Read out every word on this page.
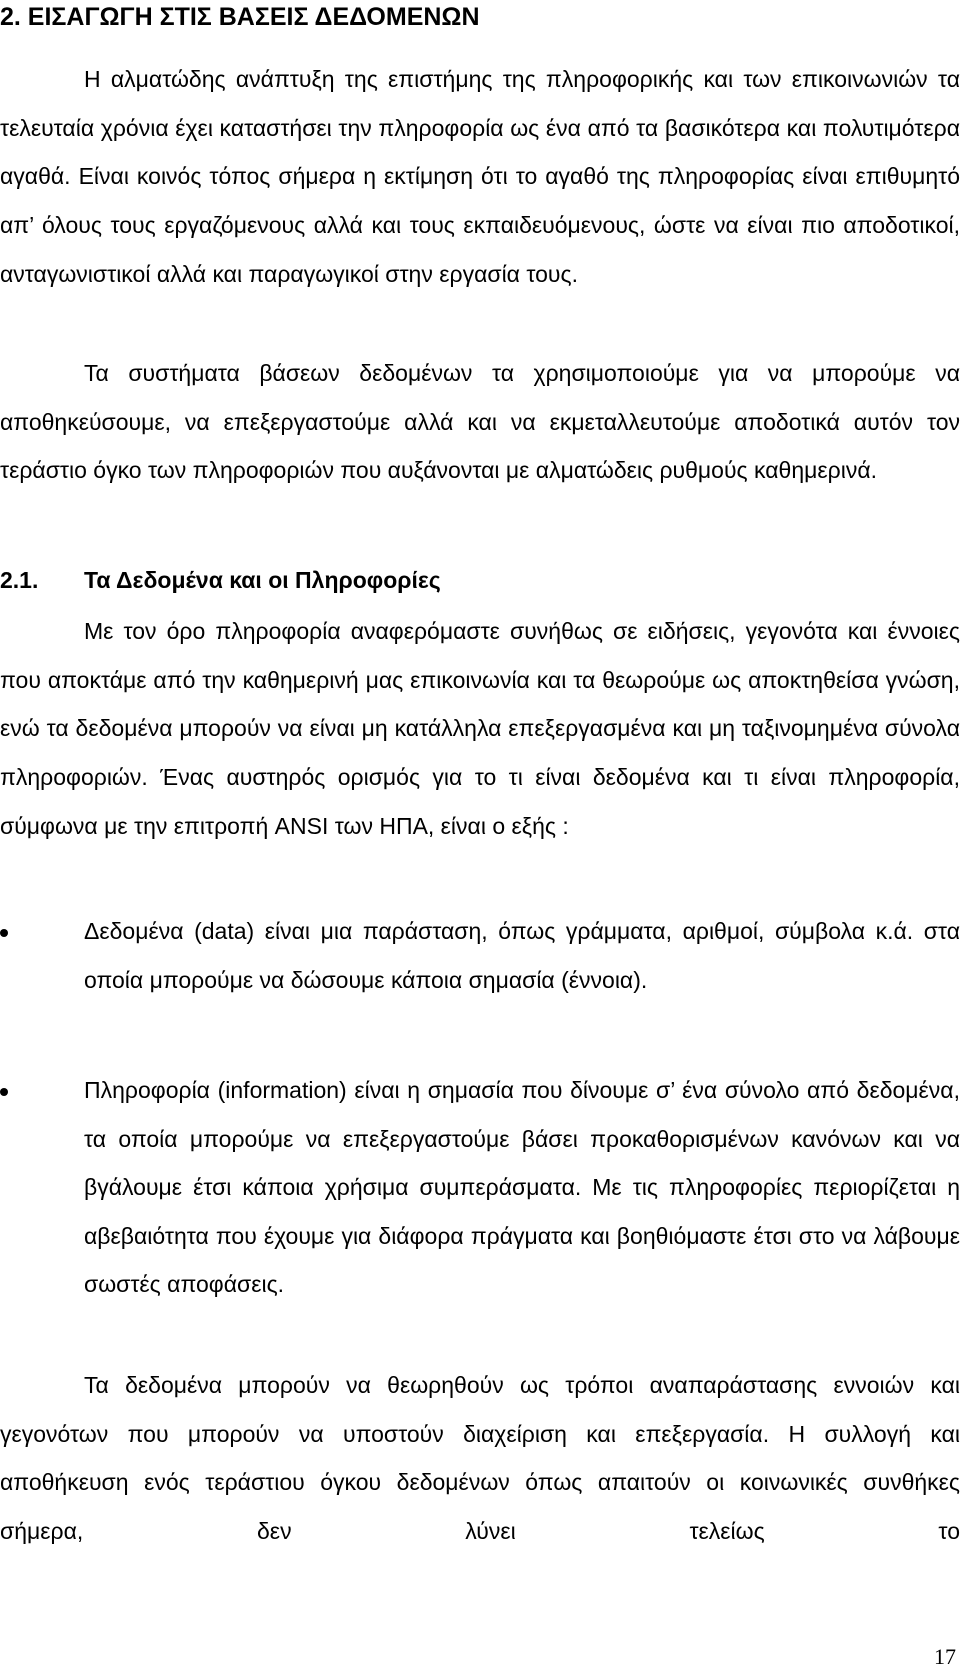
2. ΕΙΣΑΓΩΓΗ ΣΤΙΣ ΒΑΣΕΙΣ ΔΕΔΟΜΕΝΩΝ

Η αλματώδης ανάπτυξη της επιστήμης της πληροφορικής και των επικοινωνιών τα τελευταία χρόνια έχει καταστήσει την πληροφορία ως ένα από τα βασικότερα και πολυτιμότερα αγαθά. Είναι κοινός τόπος σήμερα η εκτίμηση ότι το αγαθό της πληροφορίας είναι επιθυμητό απ’ όλους τους εργαζόμενους αλλά και τους εκπαιδευόμενους, ώστε να είναι πιο αποδοτικοί, ανταγωνιστικοί αλλά και παραγωγικοί στην εργασία τους.

Τα συστήματα βάσεων δεδομένων τα χρησιμοποιούμε για να μπορούμε να αποθηκεύσουμε, να επεξεργαστούμε αλλά και να εκμεταλλευτούμε αποδοτικά αυτόν τον τεράστιο όγκο των πληροφοριών που αυξάνονται με αλματώδεις ρυθμούς καθημερινά.

2.1. Τα Δεδομένα και οι Πληροφορίες

Με τον όρο πληροφορία αναφερόμαστε συνήθως σε ειδήσεις, γεγονότα και έννοιες που αποκτάμε από την καθημερινή μας επικοινωνία και τα θεωρούμε ως αποκτηθείσα γνώση, ενώ τα δεδομένα μπορούν να είναι μη κατάλληλα επεξεργασμένα και μη ταξινομημένα σύνολα πληροφοριών. Ένας αυστηρός ορισμός για το τι είναι δεδομένα και τι είναι πληροφορία, σύμφωνα με την επιτροπή ANSI των ΗΠΑ, είναι ο εξής :

Δεδομένα (data) είναι μια παράσταση, όπως γράμματα, αριθμοί, σύμβολα κ.ά. στα οποία μπορούμε να δώσουμε κάποια σημασία (έννοια).

Πληροφορία (information) είναι η σημασία που δίνουμε σ’ ένα σύνολο από δεδομένα, τα οποία μπορούμε να επεξεργαστούμε βάσει προκαθορισμένων κανόνων και να βγάλουμε έτσι κάποια χρήσιμα συμπεράσματα. Με τις πληροφορίες περιορίζεται η αβεβαιότητα που έχουμε για διάφορα πράγματα και βοηθιόμαστε έτσι στο να λάβουμε σωστές αποφάσεις.

Τα δεδομένα μπορούν να θεωρηθούν ως τρόποι αναπαράστασης εννοιών και γεγονότων που μπορούν να υποστούν διαχείριση και επεξεργασία. Η συλλογή και αποθήκευση ενός τεράστιου όγκου δεδομένων όπως απαιτούν οι κοινωνικές συνθήκες σήμερα, δεν λύνει τελείως το

17
